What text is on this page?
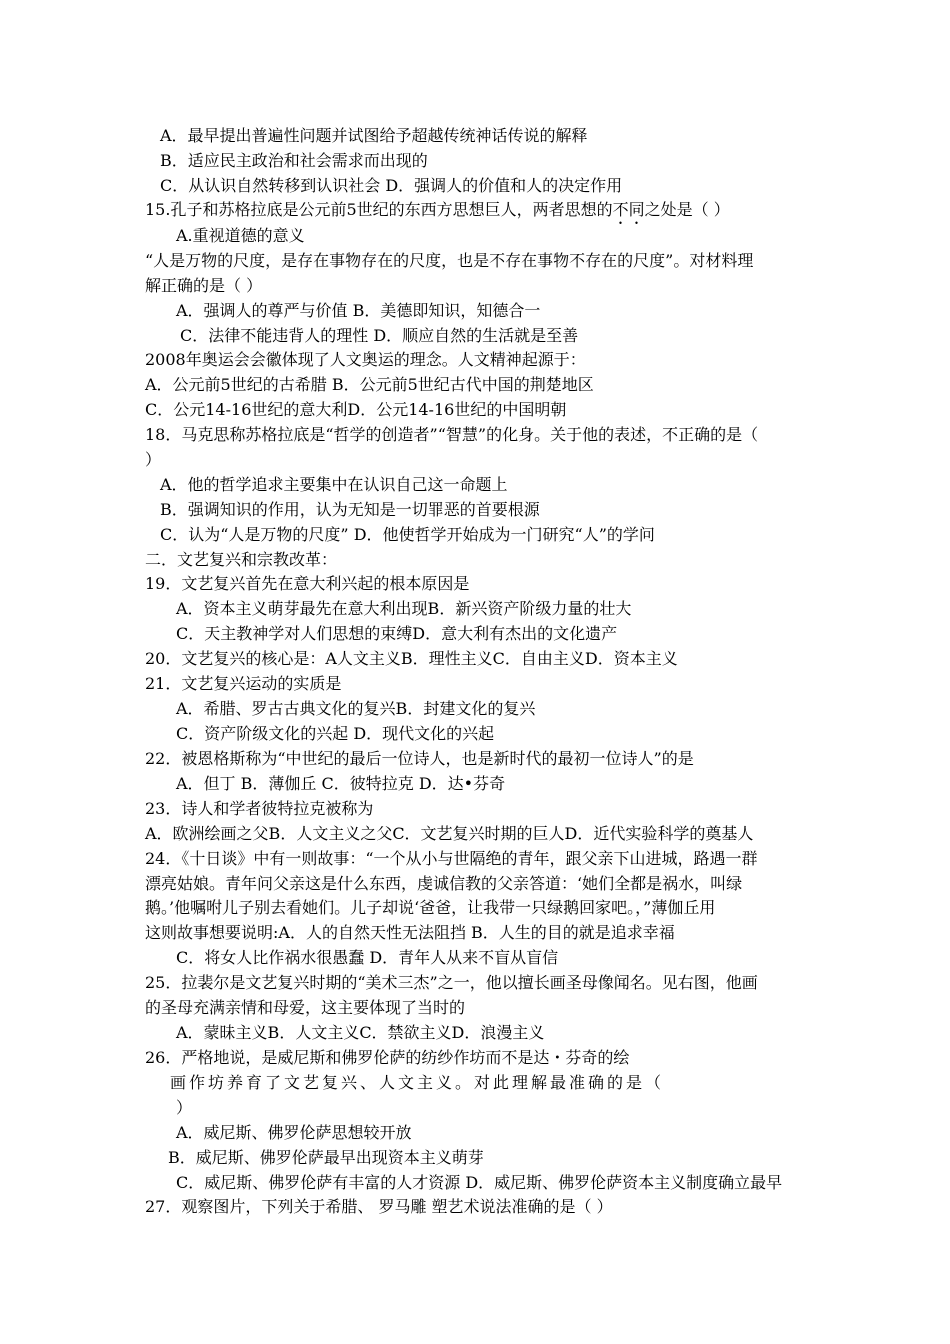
A．最早提出普遍性问题并试图给予超越传统神话传说的解释
B．适应民主政治和社会需求而出现的
C．从认识自然转移到认识社会 D．强调人的价值和人的决定作用
15.孔子和苏格拉底是公元前5世纪的东西方思想巨人，两者思想的不同之处是（ ）
A.重视道德的意义
“人是万物的尺度，是存在事物存在的尺度，也是不存在事物不存在的尺度”。对材料理
解正确的是（ ）
A．强调人的尊严与价值 B．美德即知识，知德合一
C．法律不能违背人的理性 D．顺应自然的生活就是至善
2008年奥运会会徽体现了人文奥运的理念。人文精神起源于：
A．公元前5世纪的古希腊 B．公元前5世纪古代中国的荆楚地区
C．公元14-16世纪的意大利D．公元14-16世纪的中国明朝
18．马克思称苏格拉底是“哲学的创造者”“智慧”的化身。关于他的表述，不正确的是（
）
A．他的哲学追求主要集中在认识自己这一命题上
B．强调知识的作用，认为无知是一切罪恶的首要根源
C．认为“人是万物的尺度” D．他使哲学开始成为一门研究“人”的学问
二．文艺复兴和宗教改革：
19．文艺复兴首先在意大利兴起的根本原因是
A．资本主义萌芽最先在意大利出现B．新兴资产阶级力量的壮大
C．天主教神学对人们思想的束缚D．意大利有杰出的文化遗产
20．文艺复兴的核心是：A人文主义B．理性主义C．自由主义D．资本主义
21．文艺复兴运动的实质是
A．希腊、罗古古典文化的复兴B．封建文化的复兴
C．资产阶级文化的兴起 D．现代文化的兴起
22．被恩格斯称为“中世纪的最后一位诗人，也是新时代的最初一位诗人”的是
A．但丁 B．薄伽丘 C．彼特拉克 D．达•芬奇
23．诗人和学者彼特拉克被称为
A．欧洲绘画之父B．人文主义之父C．文艺复兴时期的巨人D．近代实验科学的奠基人
24．《十日谈》中有一则故事：“一个从小与世隔绝的青年，跟父亲下山进城，路遇一群
漂亮姑娘。青年问父亲这是什么东西，虔诚信教的父亲答道：‘她们全都是祸水，叫绿
鹅。’他嘱咐儿子别去看她们。儿子却说‘爸爸，让我带一只绿鹅回家吧。，”薄伽丘用
这则故事想要说明:A．人的自然天性无法阻挡 B．人生的目的就是追求幸福
C．将女人比作祸水很愚蠢 D．青年人从来不盲从盲信
25．拉裴尔是文艺复兴时期的“美术三杰”之一，他以擅长画圣母像闻名。见右图，他画
的圣母充满亲情和母爱，这主要体现了当时的
A．蒙昧主义B．人文主义C．禁欲主义D．浪漫主义
26．严格地说，是威尼斯和佛罗伦萨的纺纱作坊而不是达・芬奇的绘
画作坊养育了文艺复兴、人文主义。对此理解最准确的是（
）
A．威尼斯、佛罗伦萨思想较开放
B．威尼斯、佛罗伦萨最早出现资本主义萌芽
C．威尼斯、佛罗伦萨有丰富的人才资源 D．威尼斯、佛罗伦萨资本主义制度确立最早
27．观察图片，下列关于希腊、 罗马雕 塑艺术说法准确的是（ ）
